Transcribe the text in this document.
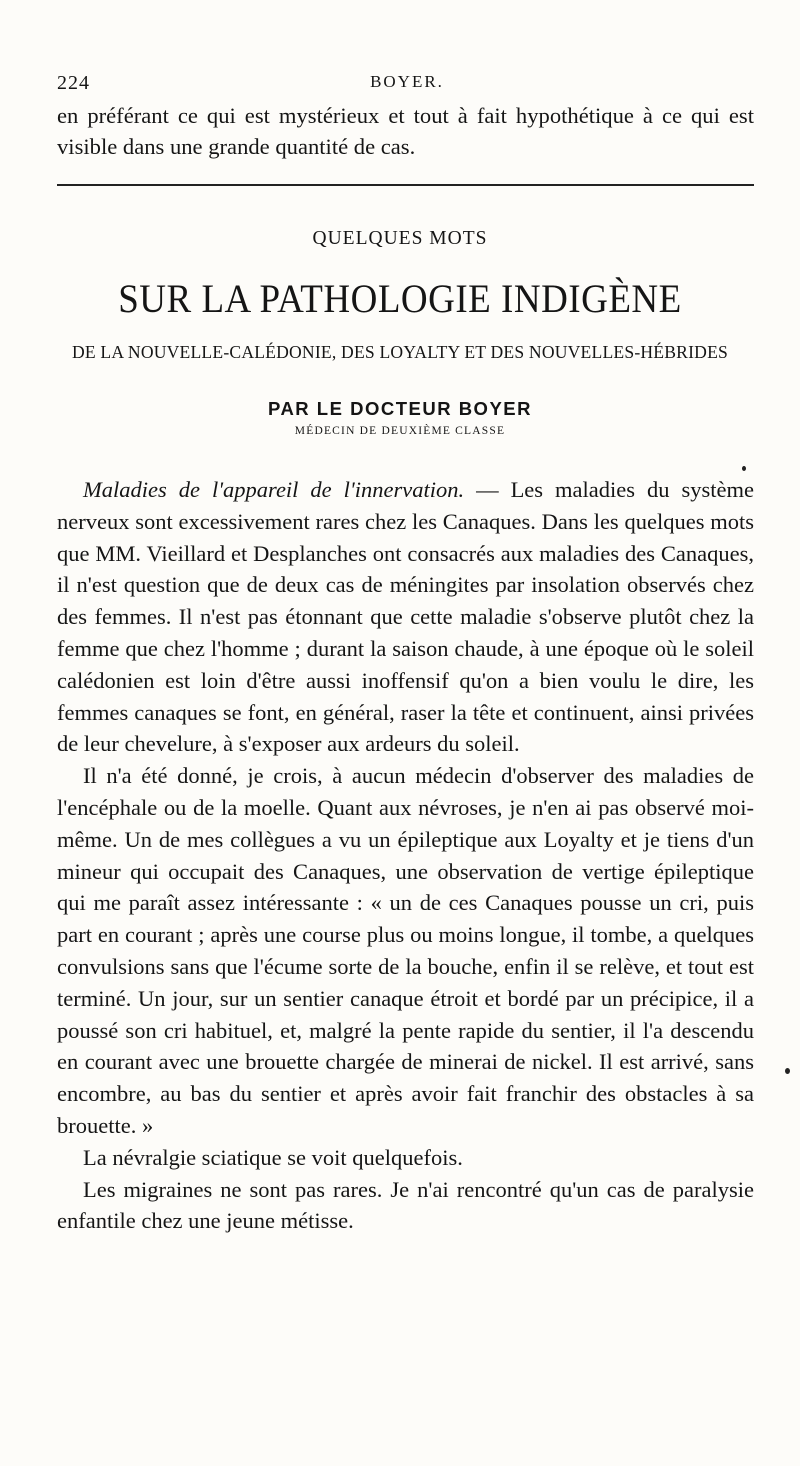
224	BOYER.

en préférant ce qui est mystérieux et tout à fait hypothétique à ce qui est visible dans une grande quantité de cas.

QUELQUES MOTS
SUR LA PATHOLOGIE INDIGÈNE
DE LA NOUVELLE-CALÉDONIE, DES LOYALTY ET DES NOUVELLES-HÉBRIDES
PAR LE DOCTEUR BOYER
MÉDECIN DE DEUXIÈME CLASSE

Maladies de l'appareil de l'innervation. — Les maladies du système nerveux sont excessivement rares chez les Canaques. Dans les quelques mots que MM. Vieillard et Desplanches ont consacrés aux maladies des Canaques, il n'est question que de deux cas de méningites par insolation observés chez des femmes. Il n'est pas étonnant que cette maladie s'observe plutôt chez la femme que chez l'homme ; durant la saison chaude, à une époque où le soleil calédonien est loin d'être aussi inoffensif qu'on a bien voulu le dire, les femmes canaques se font, en général, raser la tête et continuent, ainsi privées de leur chevelure, à s'exposer aux ardeurs du soleil.

Il n'a été donné, je crois, à aucun médecin d'observer des maladies de l'encéphale ou de la moelle. Quant aux névroses, je n'en ai pas observé moi-même. Un de mes collègues a vu un épileptique aux Loyalty et je tiens d'un mineur qui occupait des Canaques, une observation de vertige épileptique qui me paraît assez intéressante : « un de ces Canaques pousse un cri, puis part en courant ; après une course plus ou moins longue, il tombe, a quelques convulsions sans que l'écume sorte de la bouche, enfin il se relève, et tout est terminé. Un jour, sur un sentier canaque étroit et bordé par un précipice, il a poussé son cri habituel, et, malgré la pente rapide du sentier, il l'a descendu en courant avec une brouette chargée de minerai de nickel. Il est arrivé, sans encombre, au bas du sentier et après avoir fait franchir des obstacles à sa brouette. »

La névralgie sciatique se voit quelquefois.

Les migraines ne sont pas rares. Je n'ai rencontré qu'un cas de paralysie enfantile chez une jeune métisse.
